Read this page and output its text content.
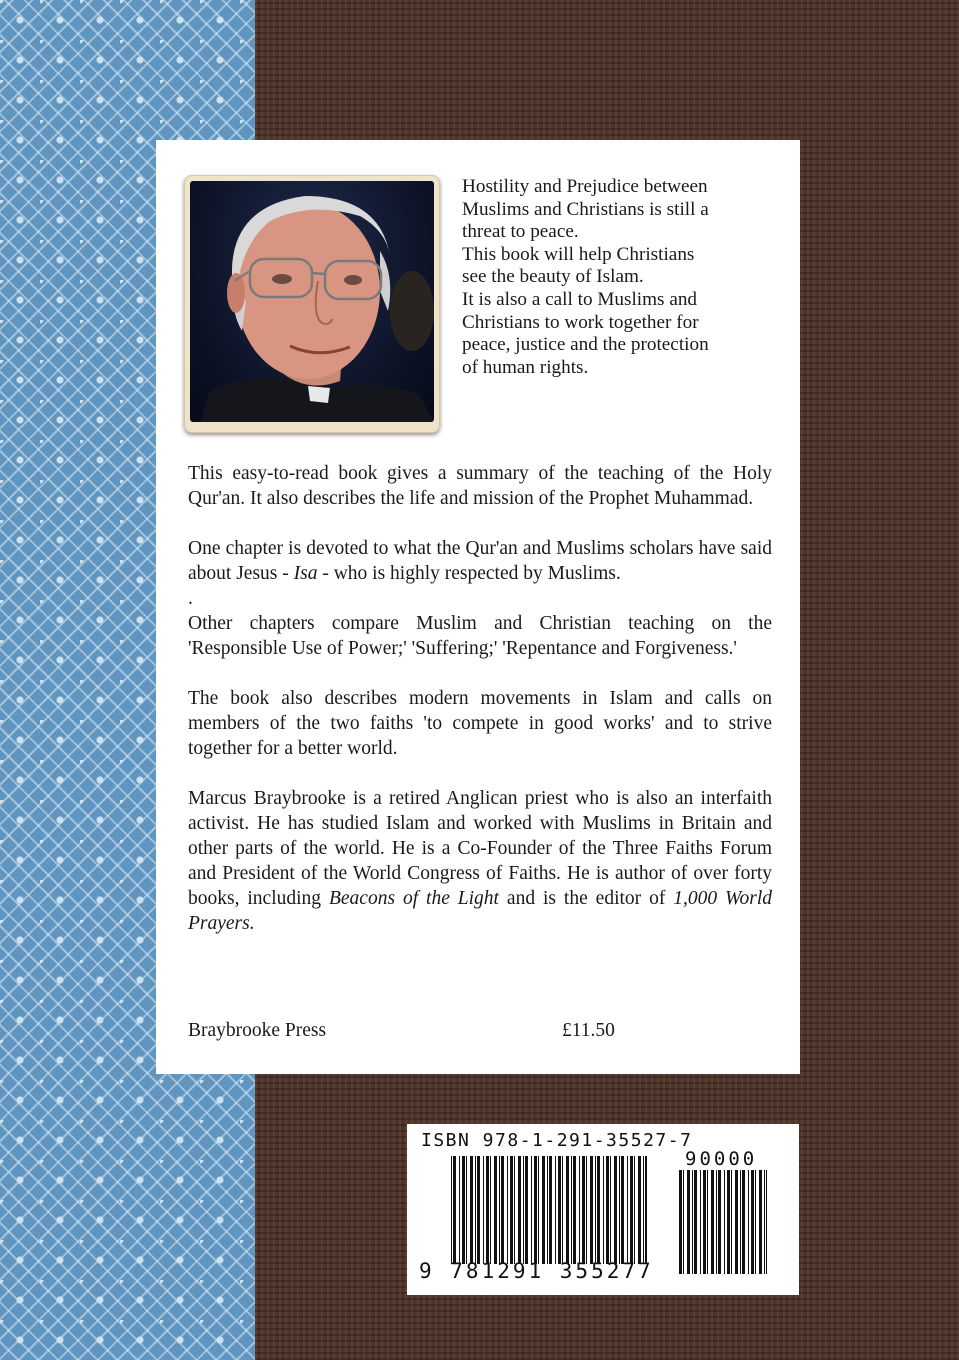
Hostility and Prejudice between

Muslims and Christians is still a

threat to peace.

This book will help Christians

see the beauty of Islam.

It is also a call to Muslims and

Christians to work together for

peace, justice and the protection

of human rights.

This easy-to-read book gives a summary of the teaching of the Holy Qur'an. It also describes the life and mission of the Prophet Muhammad.

One chapter is devoted to what the Qur'an and Muslims scholars have said about Jesus - Isa - who is highly respected by Muslims.

.

Other chapters compare Muslim and Christian teaching on the 'Responsible Use of Power;' 'Suffering;' 'Repentance and Forgiveness.'

The book also describes modern movements in Islam and calls on members of the two faiths 'to compete in good works' and to strive together for a better world.

Marcus Braybrooke is a retired Anglican priest who is also an interfaith activist. He has studied Islam and worked with Muslims in Britain and other parts of the world. He is a Co-Founder of the Three Faiths Forum and President of the World Congress of Faiths. He is author of over forty books, including Beacons of the Light and is the editor of 1,000 World Prayers.

Braybrooke Press	£11.50
ISBN 978-1-291-35527-7
90000
9 781291 355277
